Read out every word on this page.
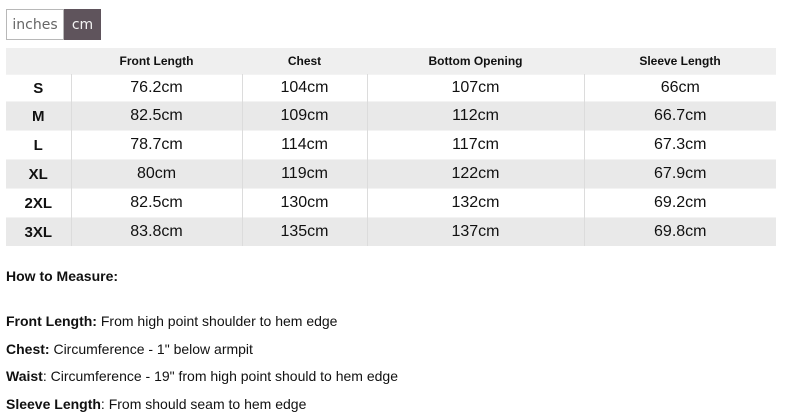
inches	cm
	Front Length	Chest	Bottom Opening	Sleeve Length
S	76.2cm	104cm	107cm	66cm
M	82.5cm	109cm	112cm	66.7cm
L	78.7cm	114cm	117cm	67.3cm
XL	80cm	119cm	122cm	67.9cm
2XL	82.5cm	130cm	132cm	69.2cm
3XL	83.8cm	135cm	137cm	69.8cm

How to Measure:

Front Length: From high point shoulder to hem edge
Chest: Circumference - 1" below armpit
Waist: Circumference - 19" from high point should to hem edge
Sleeve Length: From should seam to hem edge
